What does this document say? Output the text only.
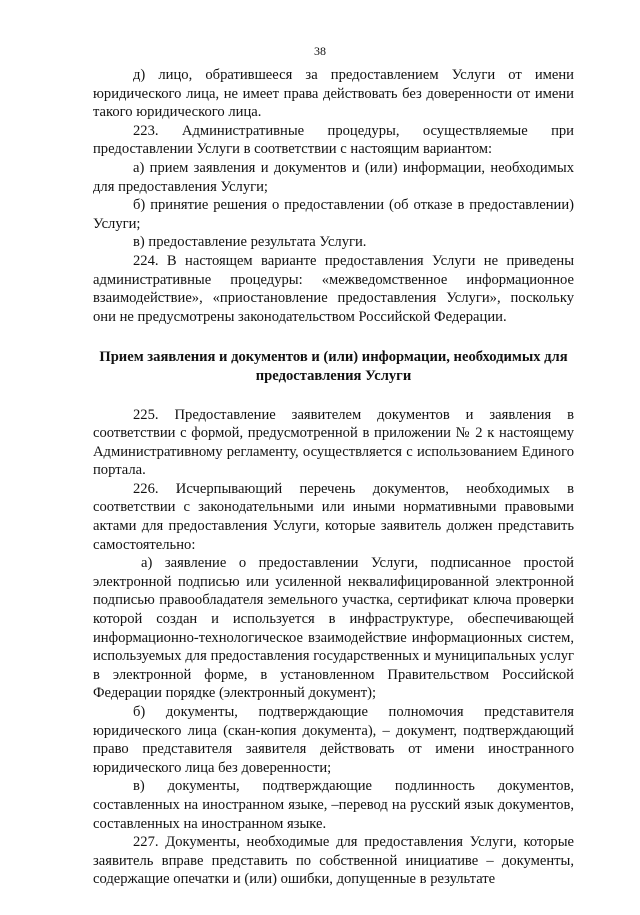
38

д) лицо, обратившееся за предоставлением Услуги от имени юридического лица, не имеет права действовать без доверенности от имени такого юридического лица.

223. Административные процедуры, осуществляемые при предоставлении Услуги в соответствии с настоящим вариантом:

а) прием заявления и документов и (или) информации, необходимых для предоставления Услуги;

б) принятие решения о предоставлении (об отказе в предоставлении) Услуги;

в) предоставление результата Услуги.

224. В настоящем варианте предоставления Услуги не приведены административные процедуры: «межведомственное информационное взаимодействие», «приостановление предоставления Услуги», поскольку они не предусмотрены законодательством Российской Федерации.

Прием заявления и документов и (или) информации, необходимых для предоставления Услуги

225. Предоставление заявителем документов и заявления в соответствии с формой, предусмотренной в приложении № 2 к настоящему Административному регламенту, осуществляется с использованием Единого портала.

226. Исчерпывающий перечень документов, необходимых в соответствии с законодательными или иными нормативными правовыми актами для предоставления Услуги, которые заявитель должен представить самостоятельно:

а) заявление о предоставлении Услуги, подписанное простой электронной подписью или усиленной неквалифицированной электронной подписью правообладателя земельного участка, сертификат ключа проверки которой создан и используется в инфраструктуре, обеспечивающей информационно-технологическое взаимодействие информационных систем, используемых для предоставления государственных и муниципальных услуг в электронной форме, в установленном Правительством Российской Федерации порядке (электронный документ);

б) документы, подтверждающие полномочия представителя юридического лица (скан-копия документа), – документ, подтверждающий право представителя заявителя действовать от имени иностранного юридического лица без доверенности;

в) документы, подтверждающие подлинность документов, составленных на иностранном языке, –перевод на русский язык документов, составленных на иностранном языке.

227. Документы, необходимые для предоставления Услуги, которые заявитель вправе представить по собственной инициативе – документы, содержащие опечатки и (или) ошибки, допущенные в результате
